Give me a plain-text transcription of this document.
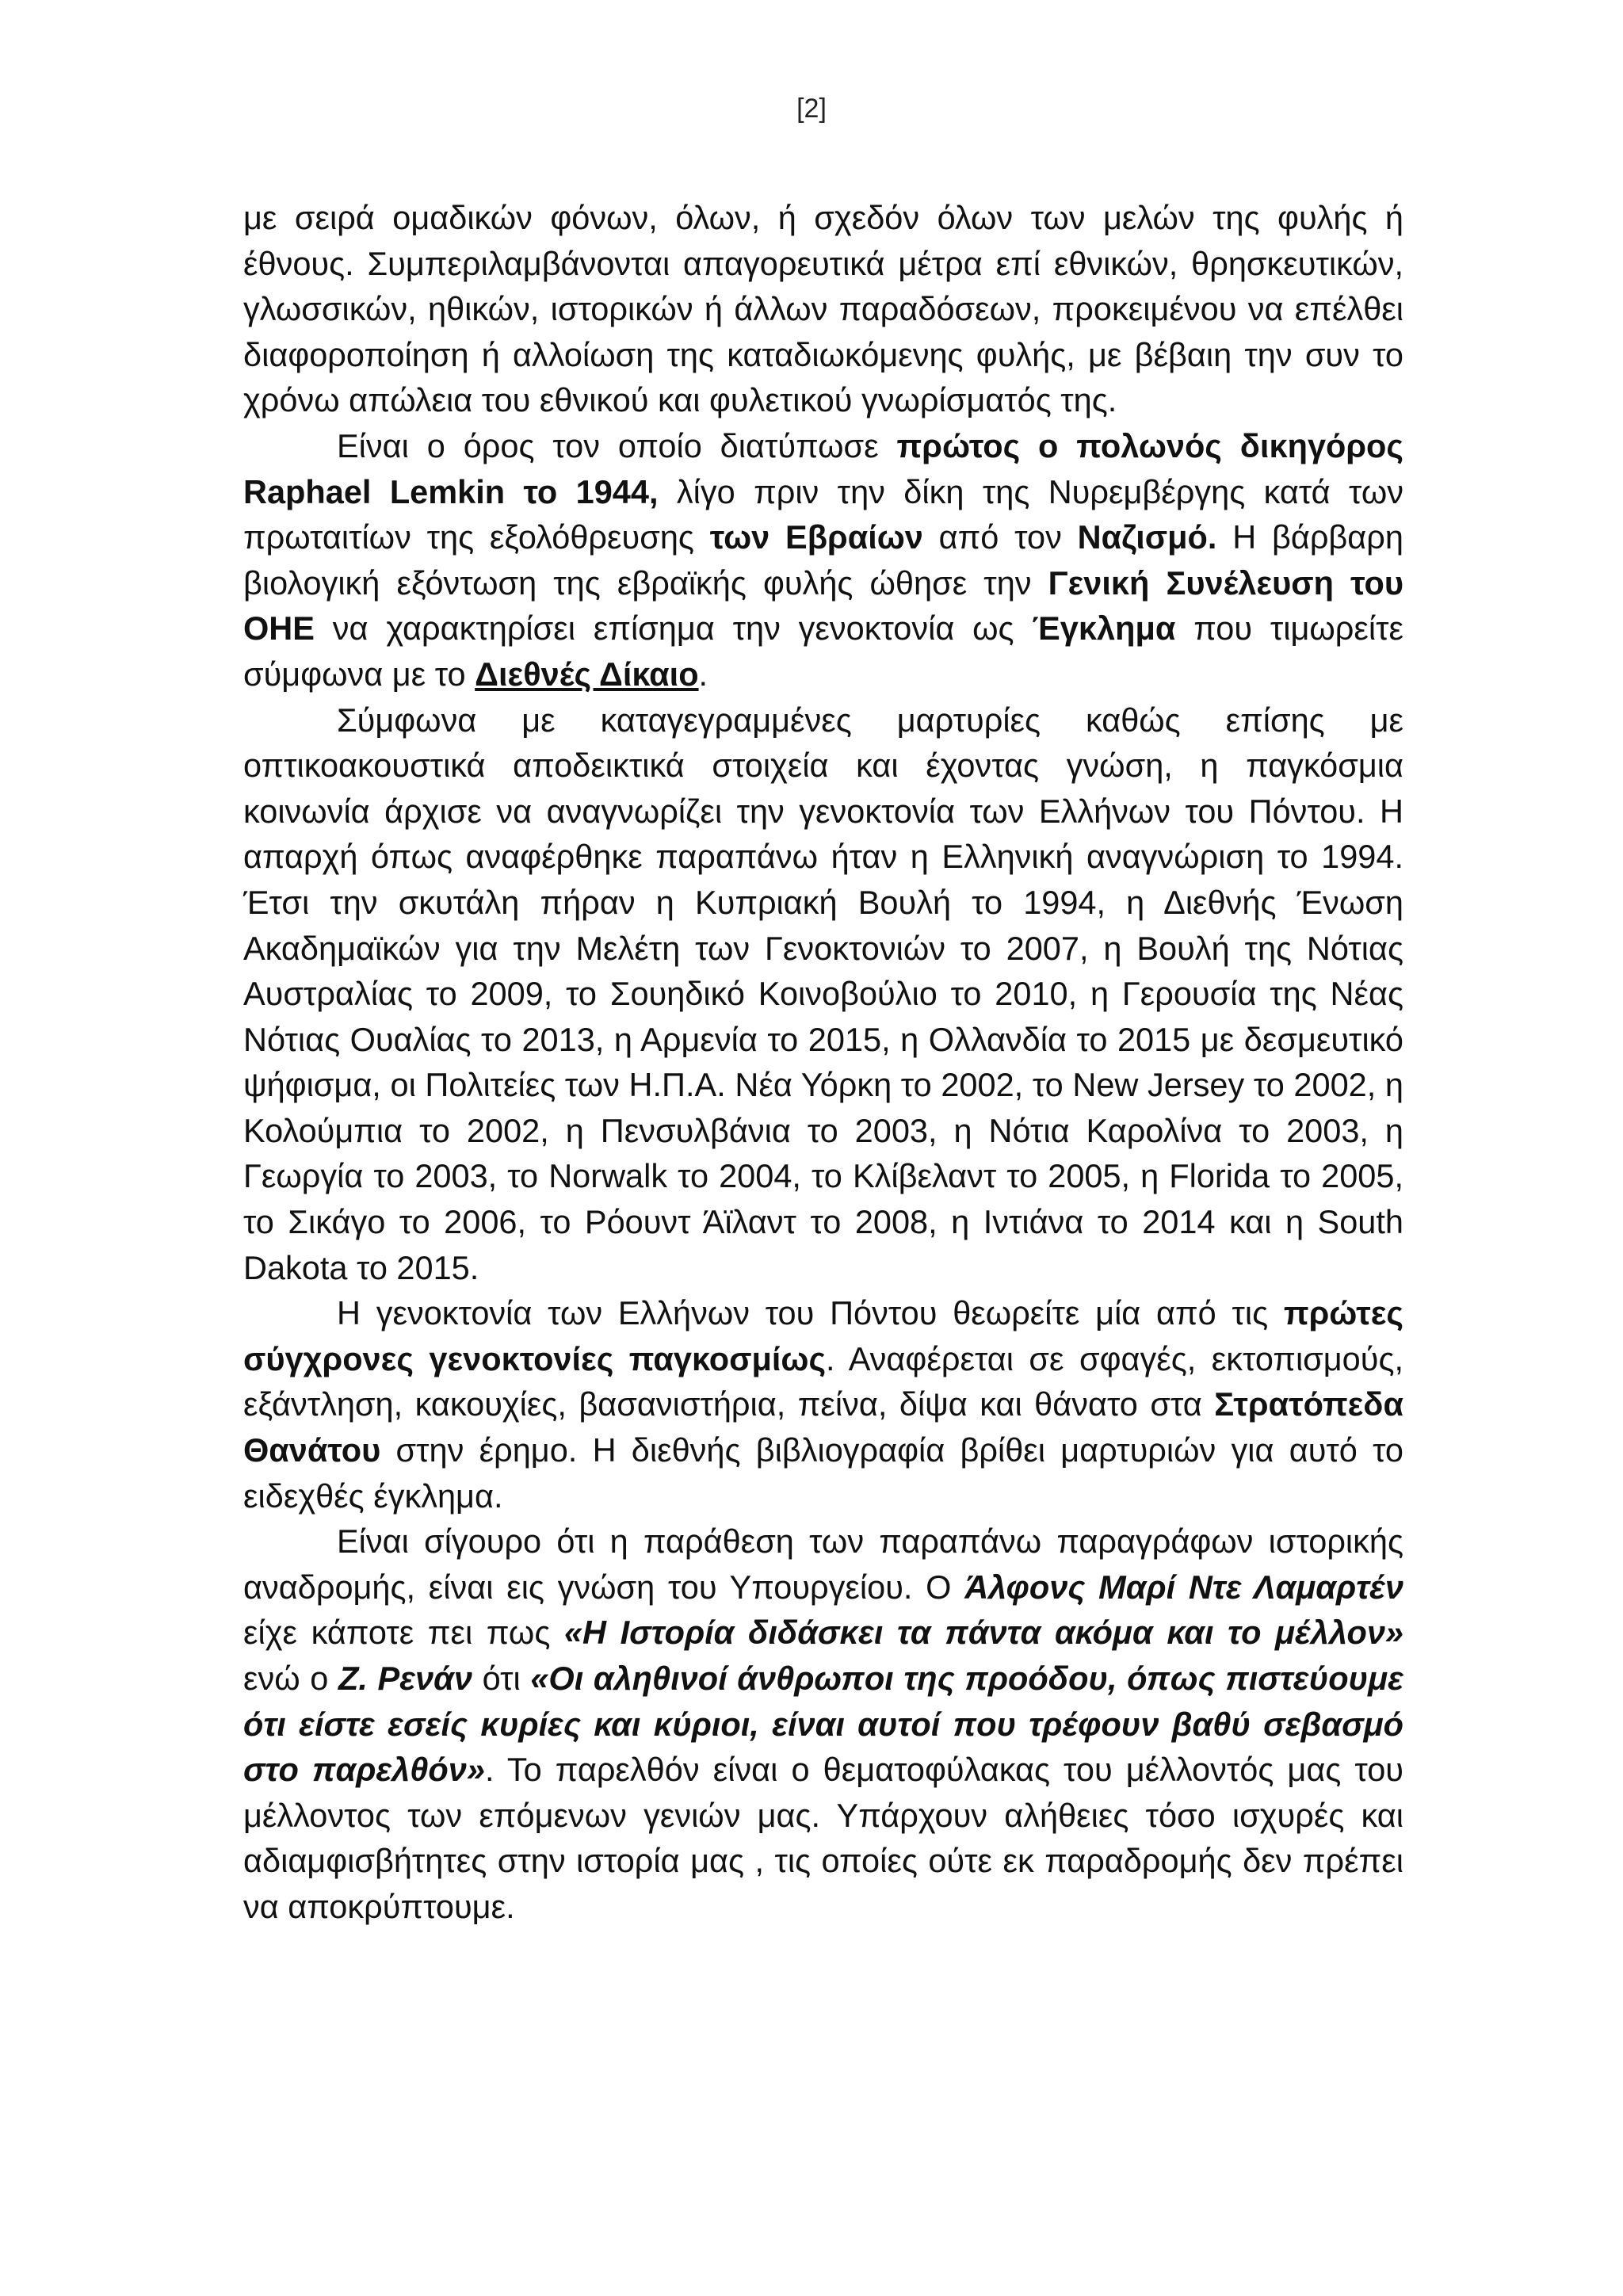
[2]

με σειρά ομαδικών φόνων, όλων, ή σχεδόν όλων των μελών της φυλής ή έθνους. Συμπεριλαμβάνονται απαγορευτικά μέτρα επί εθνικών, θρησκευτικών, γλωσσικών, ηθικών, ιστορικών ή άλλων παραδόσεων, προκειμένου να επέλθει διαφοροποίηση ή αλλοίωση της καταδιωκόμενης φυλής, με βέβαιη την συν το χρόνω απώλεια του εθνικού και φυλετικού γνωρίσματός της.

Είναι ο όρος τον οποίο διατύπωσε πρώτος ο πολωνός δικηγόρος Raphael Lemkin το 1944, λίγο πριν την δίκη της Νυρεμβέργης κατά των πρωταιτίων της εξολόθρευσης των Εβραίων από τον Ναζισμό. Η βάρβαρη βιολογική εξόντωση της εβραϊκής φυλής ώθησε την Γενική Συνέλευση του ΟΗΕ να χαρακτηρίσει επίσημα την γενοκτονία ως Έγκλημα που τιμωρείτε σύμφωνα με το Διεθνές Δίκαιο.

Σύμφωνα με καταγεγραμμένες μαρτυρίες καθώς επίσης με οπτικοακουστικά αποδεικτικά στοιχεία και έχοντας γνώση, η παγκόσμια κοινωνία άρχισε να αναγνωρίζει την γενοκτονία των Ελλήνων του Πόντου. Η απαρχή όπως αναφέρθηκε παραπάνω ήταν η Ελληνική αναγνώριση το 1994. Έτσι την σκυτάλη πήραν η Κυπριακή Βουλή το 1994, η Διεθνής Ένωση Ακαδημαϊκών για την Μελέτη των Γενοκτονιών το 2007, η Βουλή της Νότιας Αυστραλίας το 2009, το Σουηδικό Κοινοβούλιο το 2010, η Γερουσία της Νέας Νότιας Ουαλίας το 2013, η Αρμενία το 2015, η Ολλανδία το 2015 με δεσμευτικό ψήφισμα, οι Πολιτείες των Η.Π.Α. Νέα Υόρκη το 2002, το New Jersey το 2002, η Κολούμπια το 2002, η Πενσυλβάνια το 2003, η Νότια Καρολίνα το 2003, η Γεωργία το 2003, το Norwalk το 2004, το Κλίβελαντ το 2005, η Florida το 2005, το Σικάγο το 2006, το Ρόουντ Άϊλαντ το 2008, η Ιντιάνα το 2014 και η South Dakota το 2015.

Η γενοκτονία των Ελλήνων του Πόντου θεωρείτε μία από τις πρώτες σύγχρονες γενοκτονίες παγκοσμίως. Αναφέρεται σε σφαγές, εκτοπισμούς, εξάντληση, κακουχίες, βασανιστήρια, πείνα, δίψα και θάνατο στα Στρατόπεδα Θανάτου στην έρημο. Η διεθνής βιβλιογραφία βρίθει μαρτυριών για αυτό το ειδεχθές έγκλημα.

Είναι σίγουρο ότι η παράθεση των παραπάνω παραγράφων ιστορικής αναδρομής, είναι εις γνώση του Υπουργείου. Ο Άλφονς Μαρί Ντε Λαμαρτέν είχε κάποτε πει πως «Η Ιστορία διδάσκει τα πάντα ακόμα και το μέλλον» ενώ ο Ζ. Ρενάν ότι «Οι αληθινοί άνθρωποι της προόδου, όπως πιστεύουμε ότι είστε εσείς κυρίες και κύριοι, είναι αυτοί που τρέφουν βαθύ σεβασμό στο παρελθόν». Το παρελθόν είναι ο θεματοφύλακας του μέλλοντός μας του μέλλοντος των επόμενων γενιών μας. Υπάρχουν αλήθειες τόσο ισχυρές και αδιαμφισβήτητες στην ιστορία μας , τις οποίες ούτε εκ παραδρομής δεν πρέπει να αποκρύπτουμε.
